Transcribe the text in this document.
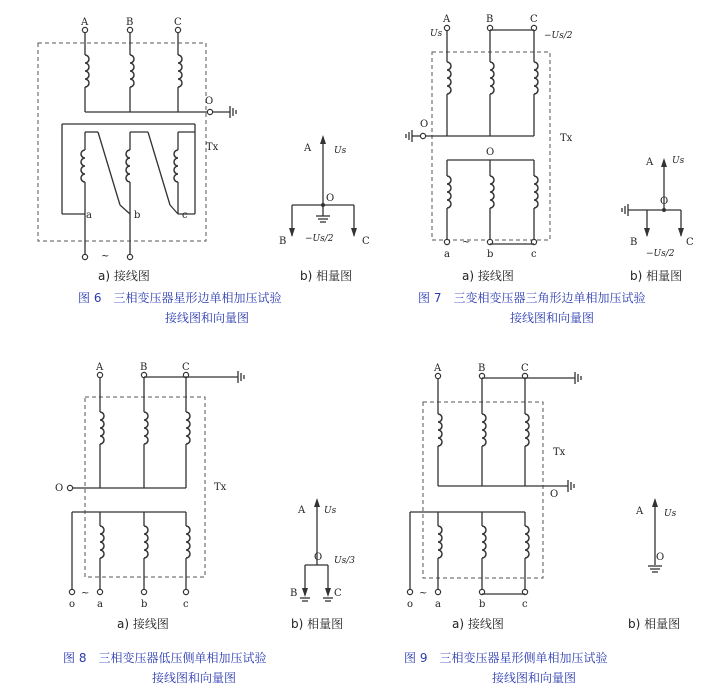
A	B	C
O
Tx
a	b	c
~
A	Us
O
B −Us/2	C
a) 接线图	b) 相量图
图 6　三相变压器星形边单相加压试验
接线图和向量图
A	B	C
Us	−Us/2
O
Tx
O
a	b	c
~
A Us
O
B
−Us/2
C
a) 接线图	b) 相量图
图 7　三变相变压器三角形边单相加压试验
接线图和向量图
A	B	C
O	Tx
o a	b	c
~
A Us
O Us/3
B	C
a) 接线图	b) 相量图
图 8　三相变压器低压侧单相加压试验
接线图和向量图
A	B	C
O
Tx
o a	b	c
~
A Us
O
a) 接线图	b) 相量图
图 9　三相变压器星形侧单相加压试验
接线图和向量图
